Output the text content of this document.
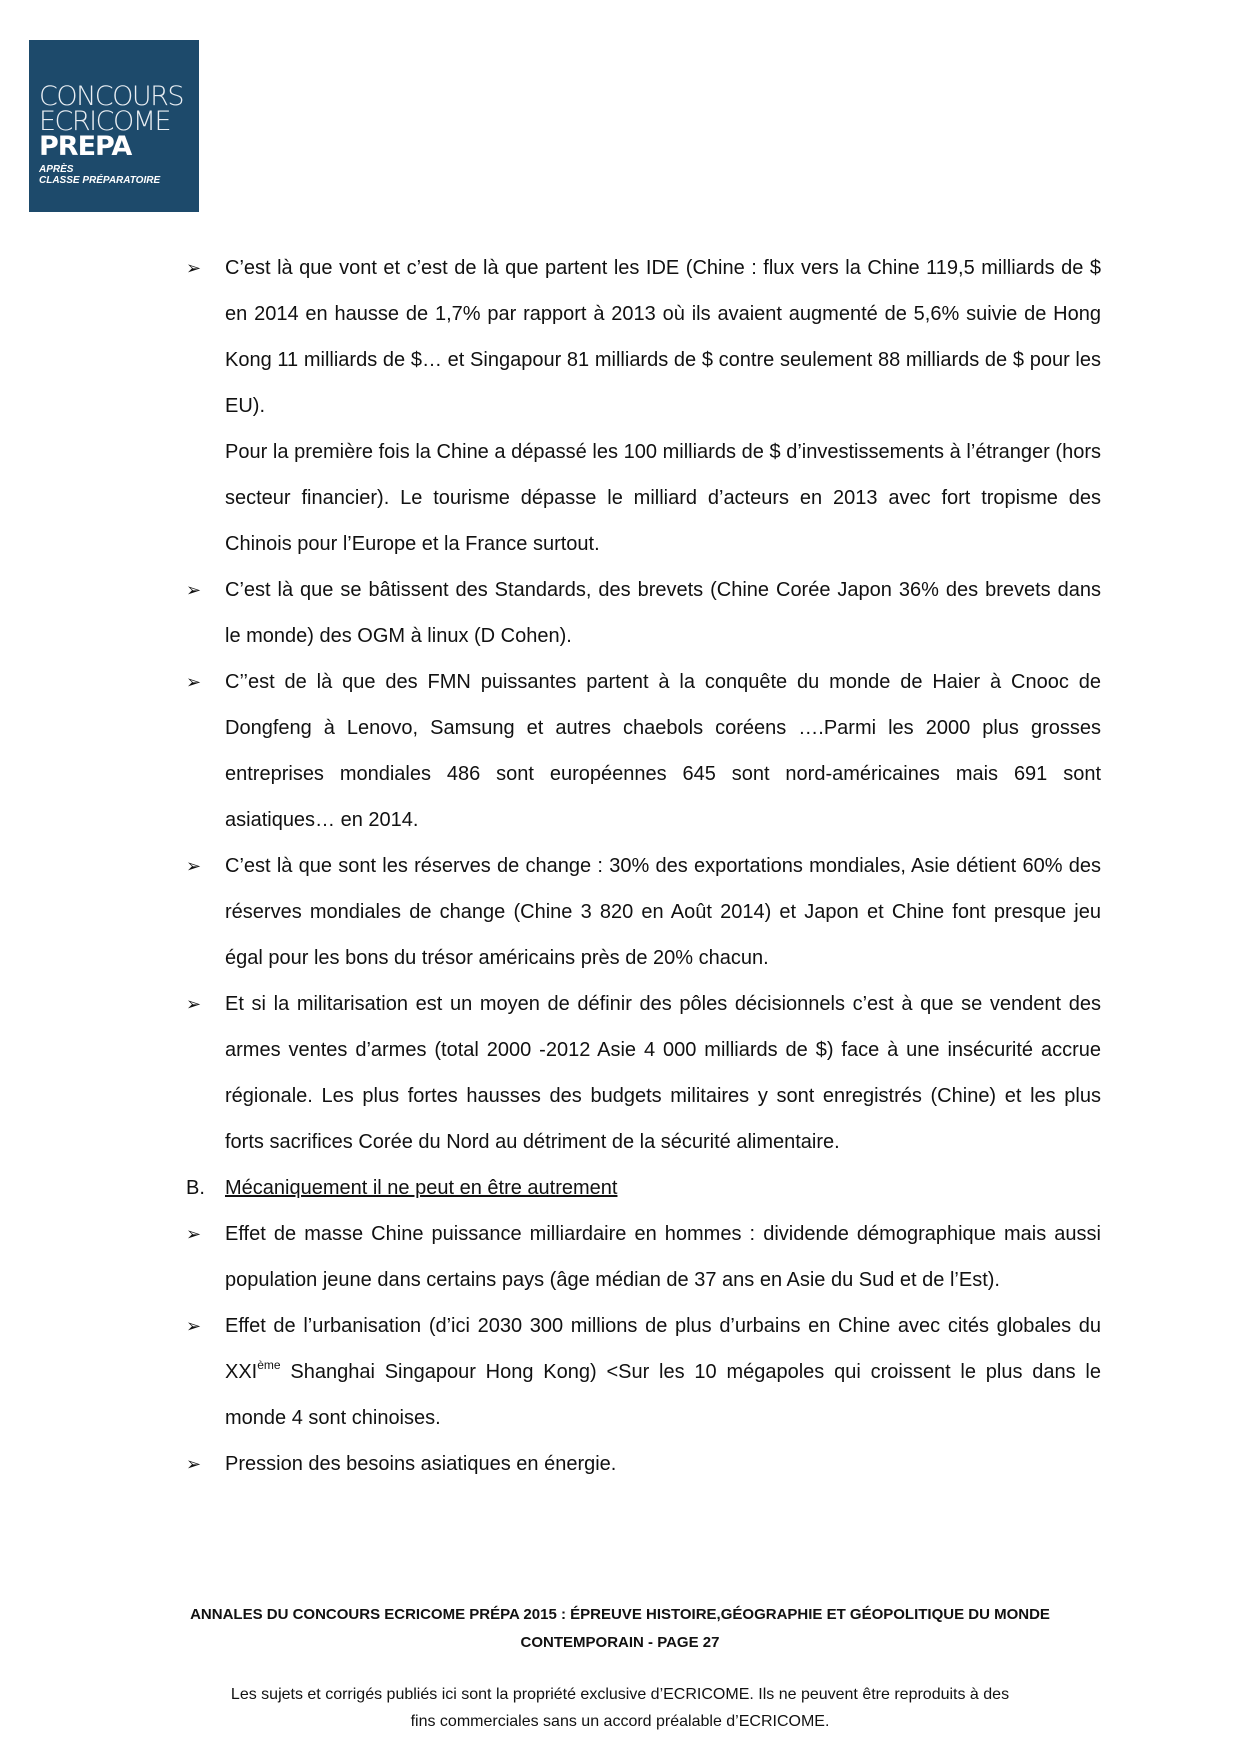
CONCOURS
ECRICOME
PREPA
APRÈS
CLASSE PRÉPARATOIRE
➢	C’est là que vont et c’est de là que partent les IDE (Chine : flux vers la Chine 119,5 milliards de $ en 2014 en hausse de 1,7% par rapport à 2013 où ils avaient augmenté de 5,6% suivie de Hong Kong 11 milliards de $… et Singapour 81 milliards de $ contre seulement 88 milliards de $ pour les EU).
Pour la première fois la Chine a dépassé les 100 milliards de $ d’investissements à l’étranger (hors secteur financier). Le tourisme dépasse le milliard d’acteurs en 2013 avec fort tropisme des Chinois pour l’Europe et la France surtout.
➢	C’est là que se bâtissent des Standards, des brevets (Chine Corée Japon 36% des brevets dans le monde) des OGM à linux (D Cohen).
➢	C’’est de là que des FMN puissantes partent à la conquête du monde de Haier à Cnooc de Dongfeng à Lenovo, Samsung et autres chaebols coréens ….Parmi les 2000 plus grosses entreprises mondiales 486 sont européennes 645 sont nord-américaines mais 691 sont asiatiques… en 2014.
➢	C’est là que sont les réserves de change : 30% des exportations mondiales, Asie détient 60% des réserves mondiales de change (Chine 3 820 en Août 2014) et Japon et Chine font presque jeu égal pour les bons du trésor américains près de 20% chacun.
➢	Et si la militarisation est un moyen de définir des pôles décisionnels c’est à que se vendent des armes ventes d’armes (total 2000 -2012 Asie 4 000 milliards de $) face à une insécurité accrue régionale. Les plus fortes hausses des budgets militaires y sont enregistrés (Chine) et les plus forts sacrifices Corée du Nord au détriment de la sécurité alimentaire.
B.	Mécaniquement il ne peut en être autrement
➢	Effet de masse Chine puissance milliardaire en hommes : dividende démographique mais aussi population jeune dans certains pays (âge médian de 37 ans en Asie du Sud et de l’Est).
➢	Effet de l’urbanisation (d’ici 2030 300 millions de plus d’urbains en Chine avec cités globales du XXIème Shanghai Singapour Hong Kong) <Sur les 10 mégapoles qui croissent le plus dans le monde 4 sont chinoises.
➢	Pression des besoins asiatiques en énergie.
ANNALES DU CONCOURS ECRICOME PRÉPA 2015 : ÉPREUVE HISTOIRE,GÉOGRAPHIE ET GÉOPOLITIQUE DU MONDE
CONTEMPORAIN - PAGE 27
Les sujets et corrigés publiés ici sont la propriété exclusive d’ECRICOME. Ils ne peuvent être reproduits à des
fins commerciales sans un accord préalable d’ECRICOME.
